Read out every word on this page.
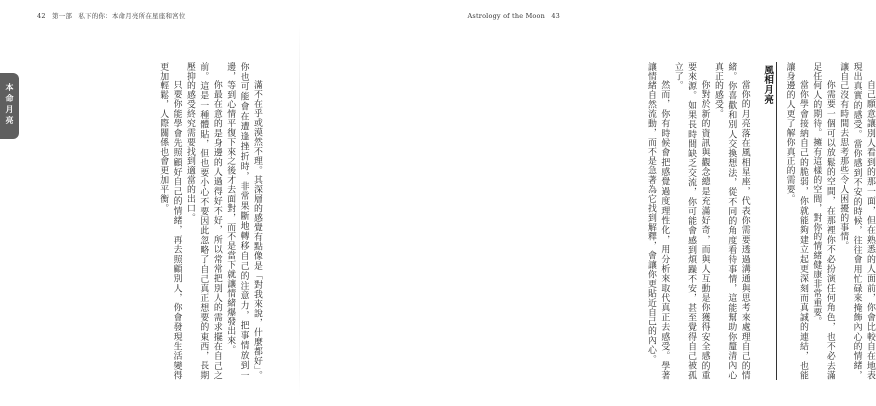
42 第一部 私下的你：本命月亮所在星座和宮位
本命月亮	滿不在乎或漠然不理。其深層的感覺有點像是「對我來說，什麼都好」。你也可能會在遭逢挫折時，非常果斷地轉移自己的注意力，把事情放到一邊，等到心情平復下來之後才去面對，而不是當下就讓情緒爆發出來。

你最在意的是身邊的人過得好不好，所以常常把別人的需求擺在自己之前。這是一種體貼，但也要小心不要因此忽略了自己真正想要的東西，長期壓抑的感受終究需要找到適當的出口。

只要你能學會先照顧好自己的情緒，再去照顧別人，你會發現生活變得更加輕鬆，人際關係也會更加平衡。

Astrology of the Moon 43

自己願意讓別人看到的那一面，但在熟悉的人面前，你會比較自在地表現出真實的感受。當你感到不安的時候，往往會用忙碌來掩飾內心的情緒，讓自己沒有時間去思考那些令人困擾的事情。

你需要一個可以放鬆的空間，在那裡你不必扮演任何角色，也不必去滿足任何人的期待。擁有這樣的空間，對你的情緒健康非常重要。

當你學會接納自己的脆弱，你就能夠建立起更深刻而真誠的連結，也能讓身邊的人更了解你真正的需要。

風相月亮

當你的月亮落在風相星座，代表你需要透過溝通與思考來處理自己的情緒。你喜歡和別人交換想法，從不同的角度看待事情，這能幫助你釐清內心真正的感受。

你對於新的資訊與觀念總是充滿好奇，而與人互動是你獲得安全感的重要來源。如果長時間缺乏交流，你可能會感到煩躁不安，甚至覺得自己被孤立了。

然而，你有時候會把感覺過度理性化，用分析來取代真正去感受。學著讓情緒自然流動，而不是急著為它找到解釋，會讓你更貼近自己的內心。
